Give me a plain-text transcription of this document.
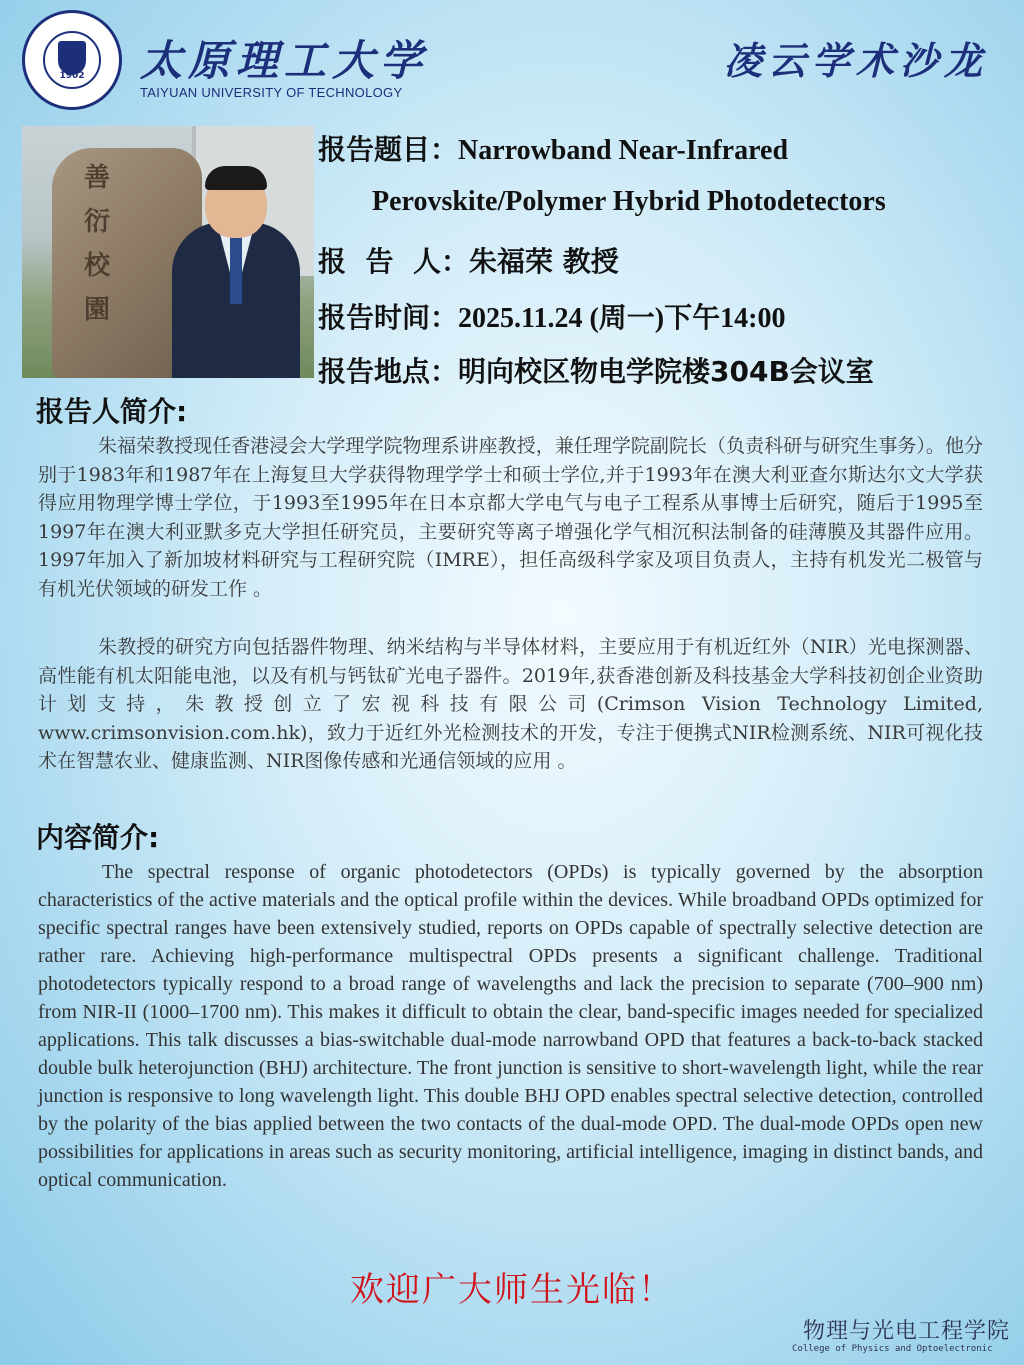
1902	太原理工大学
TAIYUAN UNIVERSITY OF TECHNOLOGY
凌云学术沙龙
善衍校園
报告题目：Narrowband Near-Infrared
Perovskite/Polymer Hybrid Photodetectors
报  告  人：朱福荣 教授
报告时间：2025.11.24 (周一)下午14:00
报告地点：明向校区物电学院楼304B会议室
报告人简介:

朱福荣教授现任香港浸会大学理学院物理系讲座教授，兼任理学院副院长（负责科研与研究生事务）。他分别于1983年和1987年在上海复旦大学获得物理学学士和硕士学位,并于1993年在澳大利亚查尔斯达尔文大学获得应用物理学博士学位，于1993至1995年在日本京都大学电气与电子工程系从事博士后研究，随后于1995至1997年在澳大利亚默多克大学担任研究员，主要研究等离子增强化学气相沉积法制备的硅薄膜及其器件应用。1997年加入了新加坡材料研究与工程研究院（IMRE），担任高级科学家及项目负责人，主持有机发光二极管与有机光伏领域的研发工作 。

朱教授的研究方向包括器件物理、纳米结构与半导体材料，主要应用于有机近红外（NIR）光电探测器、高性能有机太阳能电池，以及有机与钙钛矿光电子器件。2019年,获香港创新及科技基金大学科技初创企业资助计划支持，朱教授创立了宏视科技有限公司(Crimson Vision Technology Limited, www.crimsonvision.com.hk)，致力于近红外光检测技术的开发，专注于便携式NIR检测系统、NIR可视化技术在智慧农业、健康监测、NIR图像传感和光通信领域的应用 。

内容简介:

The spectral response of organic photodetectors (OPDs) is typically governed by the absorption characteristics of the active materials and the optical profile within the devices. While broadband OPDs optimized for specific spectral ranges have been extensively studied, reports on OPDs capable of spectrally selective detection are rather rare. Achieving high-performance multispectral OPDs presents a significant challenge. Traditional photodetectors typically respond to a broad range of wavelengths and lack the precision to separate (700–900 nm) from NIR-II (1000–1700 nm). This makes it difficult to obtain the clear, band-specific images needed for specialized applications. This talk discusses a bias-switchable dual-mode narrowband OPD that features a back-to-back stacked double bulk heterojunction (BHJ) architecture. The front junction is sensitive to short-wavelength light, while the rear junction is responsive to long wavelength light. This double BHJ OPD enables spectral selective detection, controlled by the polarity of the bias applied between the two contacts of the dual-mode OPD. The dual-mode OPDs open new possibilities for applications in areas such as security monitoring, artificial intelligence, imaging in distinct bands, and optical communication.

欢迎广大师生光临！
物理与光电工程学院
College of Physics and Optoelectronic
